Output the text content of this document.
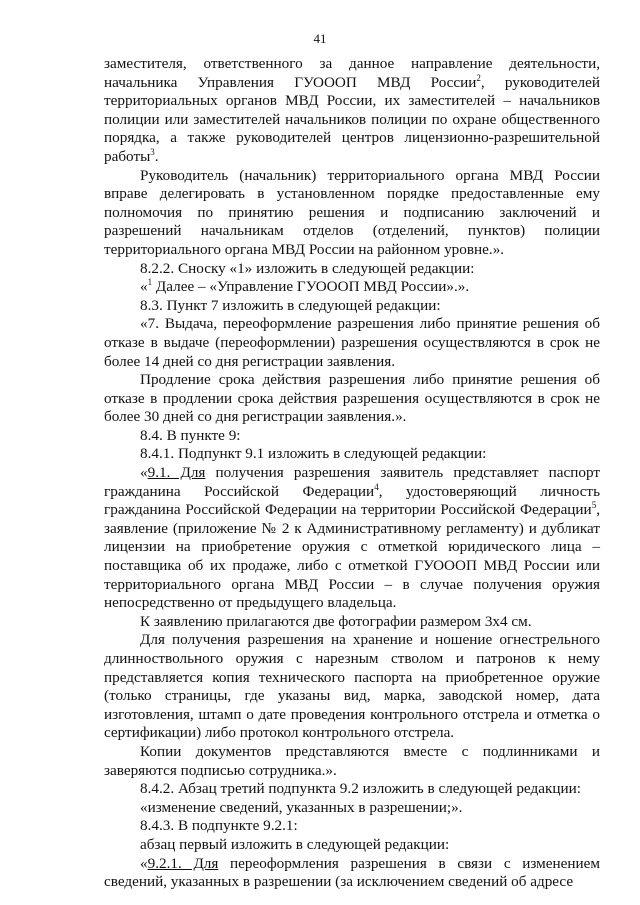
41

заместителя, ответственного за данное направление деятельности, начальника Управления ГУОООП МВД России$^2$, руководителей территориальных органов МВД России, их заместителей – начальников полиции или заместителей начальников полиции по охране общественного порядка, а также руководителей центров лицензионно-разрешительной работы$^3$.

Руководитель (начальник) территориального органа МВД России вправе делегировать в установленном порядке предоставленные ему полномочия по принятию решения и подписанию заключений и разрешений начальникам отделов (отделений, пунктов) полиции территориального органа МВД России на районном уровне.».

8.2.2. Сноску «1» изложить в следующей редакции:

«$^1$ Далее – «Управление ГУОООП МВД России».».

8.3. Пункт 7 изложить в следующей редакции:

«7. Выдача, переоформление разрешения либо принятие решения об отказе в выдаче (переоформлении) разрешения осуществляются в срок не более 14 дней со дня регистрации заявления.

Продление срока действия разрешения либо принятие решения об отказе в продлении срока действия разрешения осуществляются в срок не более 30 дней со дня регистрации заявления.».

8.4. В пункте 9:

8.4.1. Подпункт 9.1 изложить в следующей редакции:

«9.1. Для получения разрешения заявитель представляет паспорт гражданина Российской Федерации$^4$, удостоверяющий личность гражданина Российской Федерации на территории Российской Федерации$^5$, заявление (приложение № 2 к Административному регламенту) и дубликат лицензии на приобретение оружия с отметкой юридического лица – поставщика об их продаже, либо с отметкой ГУОООП МВД России или территориального органа МВД России – в случае получения оружия непосредственно от предыдущего владельца.

К заявлению прилагаются две фотографии размером 3х4 см.

Для получения разрешения на хранение и ношение огнестрельного длинноствольного оружия с нарезным стволом и патронов к нему представляется копия технического паспорта на приобретенное оружие (только страницы, где указаны вид, марка, заводской номер, дата изготовления, штамп о дате проведения контрольного отстрела и отметка о сертификации) либо протокол контрольного отстрела.

Копии документов представляются вместе с подлинниками и заверяются подписью сотрудника.».

8.4.2. Абзац третий подпункта 9.2 изложить в следующей редакции:

«изменение сведений, указанных в разрешении;».

8.4.3. В подпункте 9.2.1:

абзац первый изложить в следующей редакции:

«9.2.1. Для переоформления разрешения в связи с изменением сведений, указанных в разрешении (за исключением сведений об адресе
